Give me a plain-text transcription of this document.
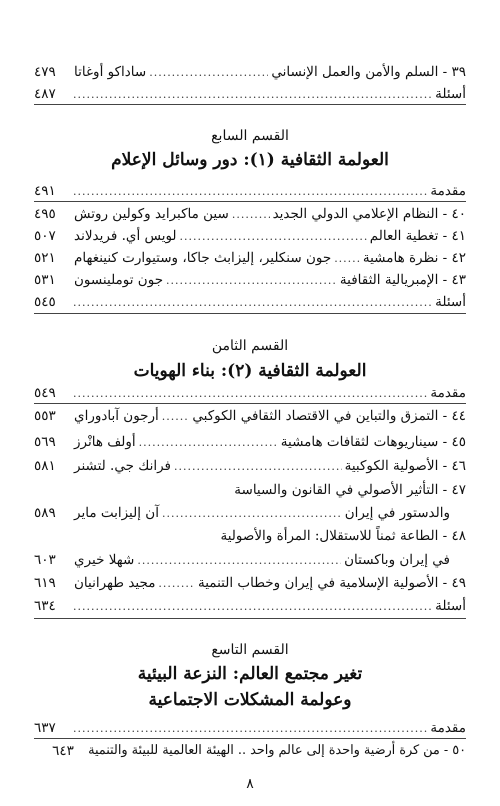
٣٩ - السلم والأمن والعمل الإنساني
.....
ساداكو أوغاتا
٤٧٩
أسئلة
.....
٤٨٧
القسم السابع
العولمة الثقافية (١): دور وسائل الإعلام
مقدمة
.....
٤٩١
٤٠ - النظام الإعلامي الدولي الجديد
.....
سين ماكبرايد وكولين روتش
٤٩٥
٤١ - تغطية العالم
.....
لويس أي. فريدلاند
٥٠٧
٤٢ - نظرة هامشية
.....
جون سنكلير، إليزابث جاكا، وستيوارت كنينغهام
٥٢١
٤٣ - الإمبريالية الثقافية
.....
جون توملينسون
٥٣١
أسئلة
.....
٥٤٥
القسم الثامن
العولمة الثقافية (٢): بناء الهويات
مقدمة
.....
٥٤٩
٤٤ - التمزق والتباين في الاقتصاد الثقافي الكوكبي
.....
أرجون آبادوراي
٥٥٣
٤٥ - سيناريوهات لثقافات هامشية
.....
أولف هانْرز
٥٦٩
٤٦ - الأصولية الكوكبية
.....
فرانك جي. لتشنر
٥٨١
٤٧ - التأثير الأصولي في القانون والسياسة
والدستور في إيران
.....
آن إليزابت ماير
٥٨٩
٤٨ - الطاعة ثمناً للاستقلال: المرأة والأصولية
في إيران وباكستان
.....
شهلا خيري
٦٠٣
٤٩ - الأصولية الإسلامية في إيران وخطاب التنمية
.....
مجيد طهرانيان
٦١٩
أسئلة
.....
٦٣٤
القسم التاسع
تغير مجتمع العالم: النزعة البيئية
وعولمة المشكلات الاجتماعية
مقدمة
.....
٦٣٧
٥٠ - من كرة أرضية واحدة إلى عالم واحد .. الهيئة العالمية للبيئة والتنمية
٦٤٣
٨
